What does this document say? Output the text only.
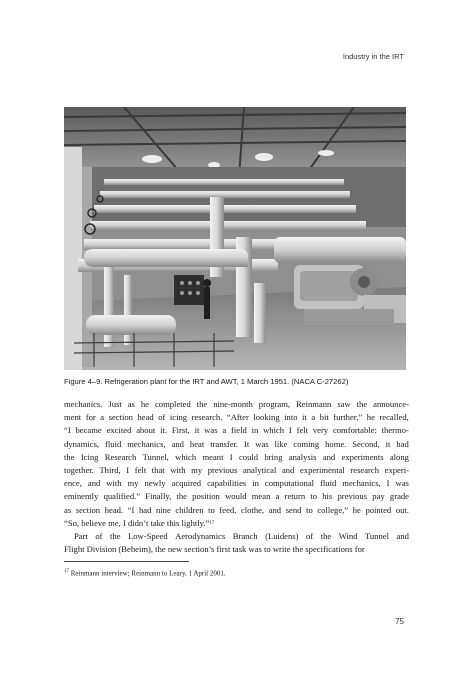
Industry in the IRT
Figure 4–9. Refrigeration plant for the IRT and AWT, 1 March 1951. (NACA C-27262)
mechanics. Just as he completed the nine-month program, Reinmann saw the announce-
ment for a section head of icing research. “After looking into it a bit further,” he recalled,
“I became excited about it. First, it was a field in which I felt very comfortable: thermo-
dynamics, fluid mechanics, and heat transfer. It was like coming home. Second, it had
the Icing Research Tunnel, which meant I could bring analysis and experiments along
together. Third, I felt that with my previous analytical and experimental research experi-
ence, and with my newly acquired capabilities in computational fluid mechanics, I was
eminently qualified.” Finally, the position would mean a return to his previous pay grade
as section head. “I had nine children to feed, clothe, and send to college,” he pointed out.
“So, believe me, I didn’t take this lightly.” 17
Part of the Low-Speed Aerodynamics Branch (Luidens) of the Wind Tunnel and
Flight Division (Beheim), the new section’s first task was to write the specifications for
$^{17}$ Reinmann interview; Reinmann to Leary, 1 April 2001.
75
